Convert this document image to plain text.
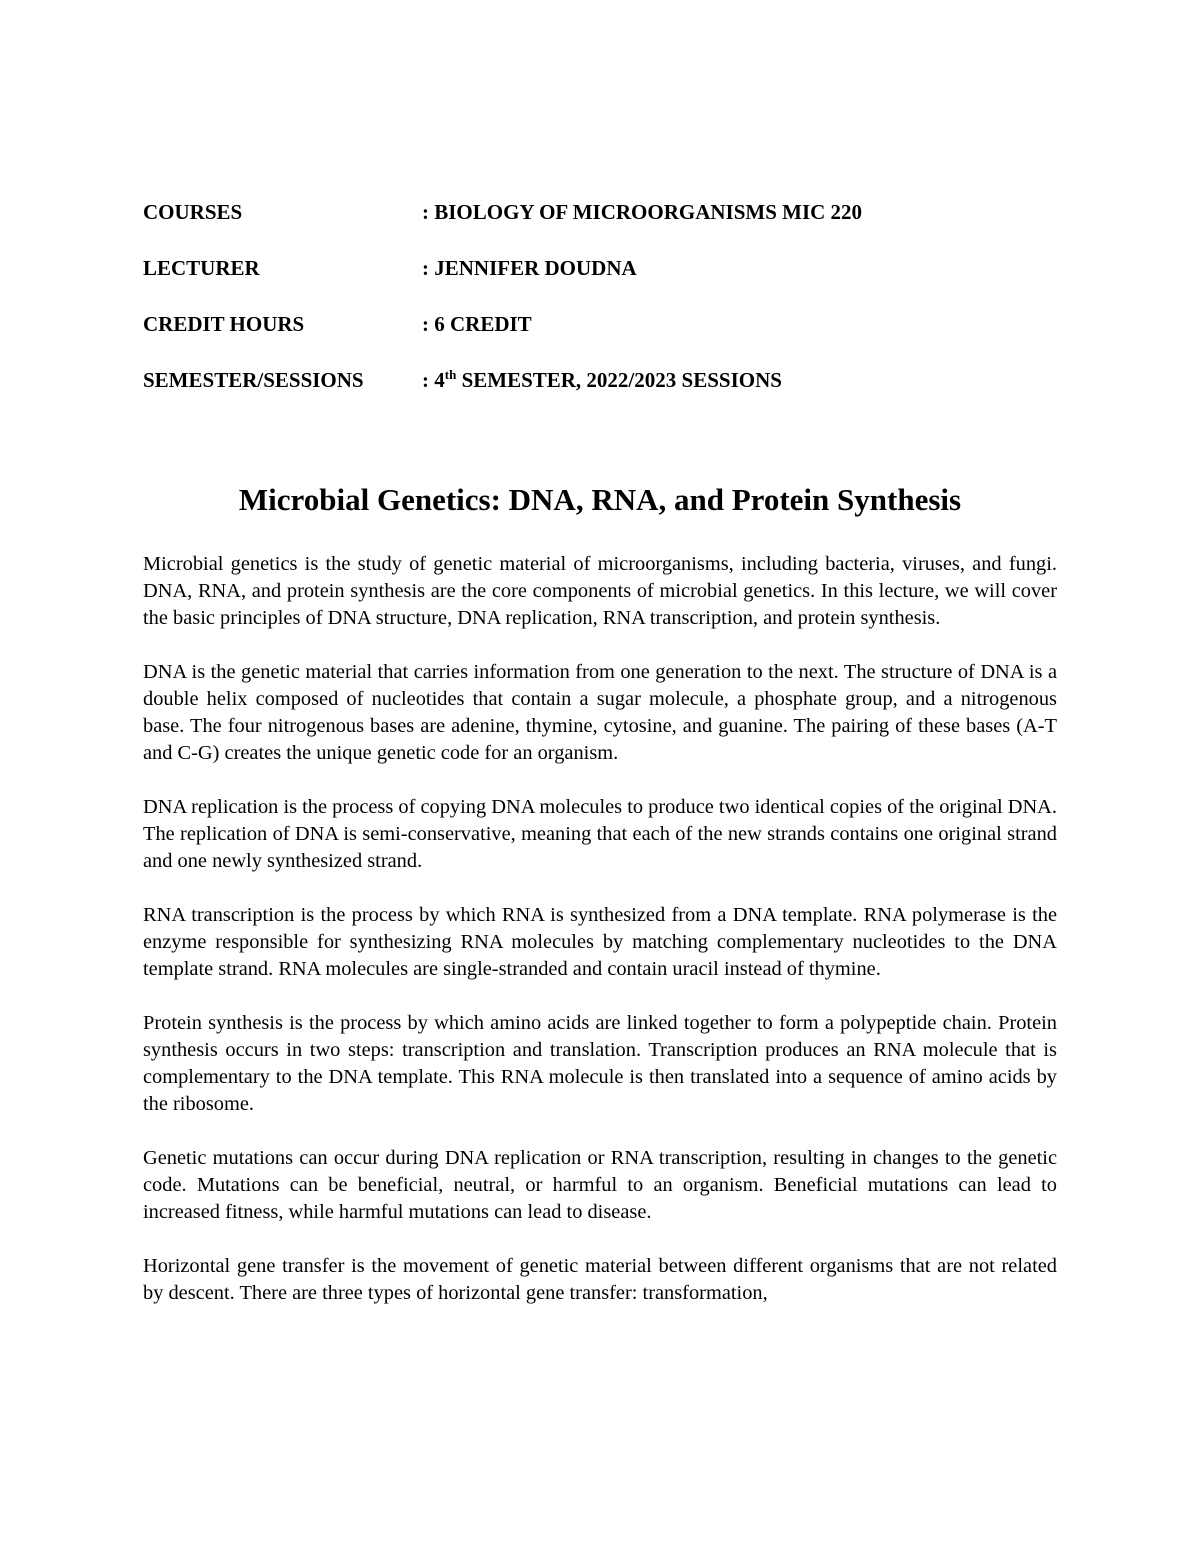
COURSES	: BIOLOGY OF MICROORGANISMS MIC 220
LECTURER	: JENNIFER DOUDNA
CREDIT HOURS	: 6 CREDIT
SEMESTER/SESSIONS	: 4th SEMESTER, 2022/2023 SESSIONS
Microbial Genetics: DNA, RNA, and Protein Synthesis

Microbial genetics is the study of genetic material of microorganisms, including bacteria, viruses, and fungi. DNA, RNA, and protein synthesis are the core components of microbial genetics. In this lecture, we will cover the basic principles of DNA structure, DNA replication, RNA transcription, and protein synthesis.

DNA is the genetic material that carries information from one generation to the next. The structure of DNA is a double helix composed of nucleotides that contain a sugar molecule, a phosphate group, and a nitrogenous base. The four nitrogenous bases are adenine, thymine, cytosine, and guanine. The pairing of these bases (A-T and C-G) creates the unique genetic code for an organism.

DNA replication is the process of copying DNA molecules to produce two identical copies of the original DNA. The replication of DNA is semi-conservative, meaning that each of the new strands contains one original strand and one newly synthesized strand.

RNA transcription is the process by which RNA is synthesized from a DNA template. RNA polymerase is the enzyme responsible for synthesizing RNA molecules by matching complementary nucleotides to the DNA template strand. RNA molecules are single-stranded and contain uracil instead of thymine.

Protein synthesis is the process by which amino acids are linked together to form a polypeptide chain. Protein synthesis occurs in two steps: transcription and translation. Transcription produces an RNA molecule that is complementary to the DNA template. This RNA molecule is then translated into a sequence of amino acids by the ribosome.

Genetic mutations can occur during DNA replication or RNA transcription, resulting in changes to the genetic code. Mutations can be beneficial, neutral, or harmful to an organism. Beneficial mutations can lead to increased fitness, while harmful mutations can lead to disease.

Horizontal gene transfer is the movement of genetic material between different organisms that are not related by descent. There are three types of horizontal gene transfer: transformation,
